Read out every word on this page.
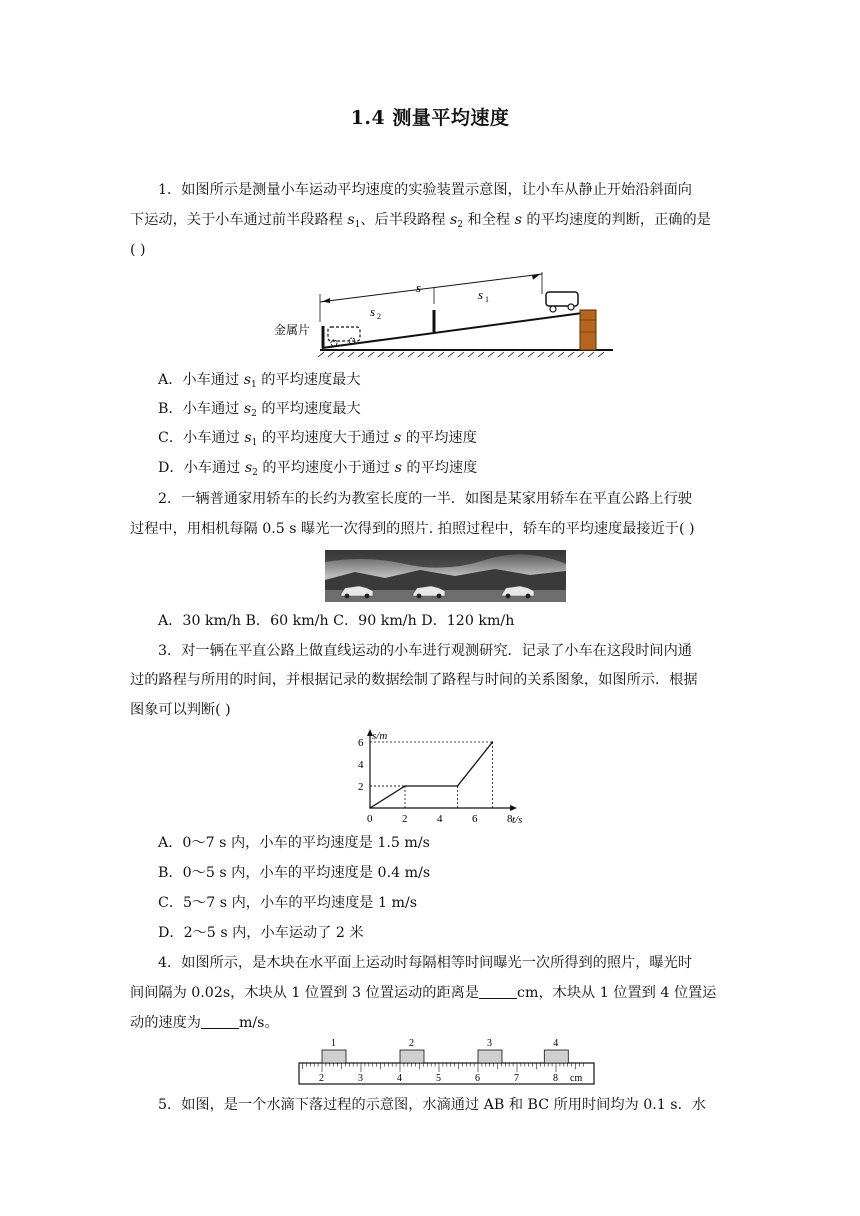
1.4 测量平均速度
1．如图所示是测量小车运动平均速度的实验装置示意图，让小车从静止开始沿斜面向
下运动，关于小车通过前半段路程 $s_1$、后半段路程 $s_2$ 和全程 s 的平均速度的判断，正确的是
( )
s	s 1
s 2
金属片
A．小车通过 $s_1$ 的平均速度最大
B．小车通过 $s_2$ 的平均速度最大
C．小车通过 $s_1$ 的平均速度大于通过 s 的平均速度
D．小车通过 $s_2$ 的平均速度小于通过 s 的平均速度
2．一辆普通家用轿车的长约为教室长度的一半．如图是某家用轿车在平直公路上行驶
过程中，用相机每隔 0.5 s 曝光一次得到的照片. 拍照过程中，轿车的平均速度最接近于( )
A．30 km/h B．60 km/h C．90 km/h D．120 km/h
3．对一辆在平直公路上做直线运动的小车进行观测研究．记录了小车在这段时间内通
过的路程与所用的时间，并根据记录的数据绘制了路程与时间的关系图象，如图所示．根据
图象可以判断( )
s/m
t/s
0	2	4	6	8
2
4
6
A．0～7 s 内，小车的平均速度是 1.5 m/s
B．0～5 s 内，小车的平均速度是 0.4 m/s
C．5～7 s 内，小车的平均速度是 1 m/s
D．2～5 s 内，小车运动了 2 米
4．如图所示，是木块在水平面上运动时每隔相等时间曝光一次所得到的照片，曝光时
间间隔为 0.02s，木块从 1 位置到 3 位置运动的距离是	cm，木块从 1 位置到 4 位置运
动的速度为	m/s。
2	3	4	5	6	7	8
1	2	3	4
cm
5．如图，是一个水滴下落过程的示意图，水滴通过 AB 和 BC 所用时间均为 0.1 s．水
